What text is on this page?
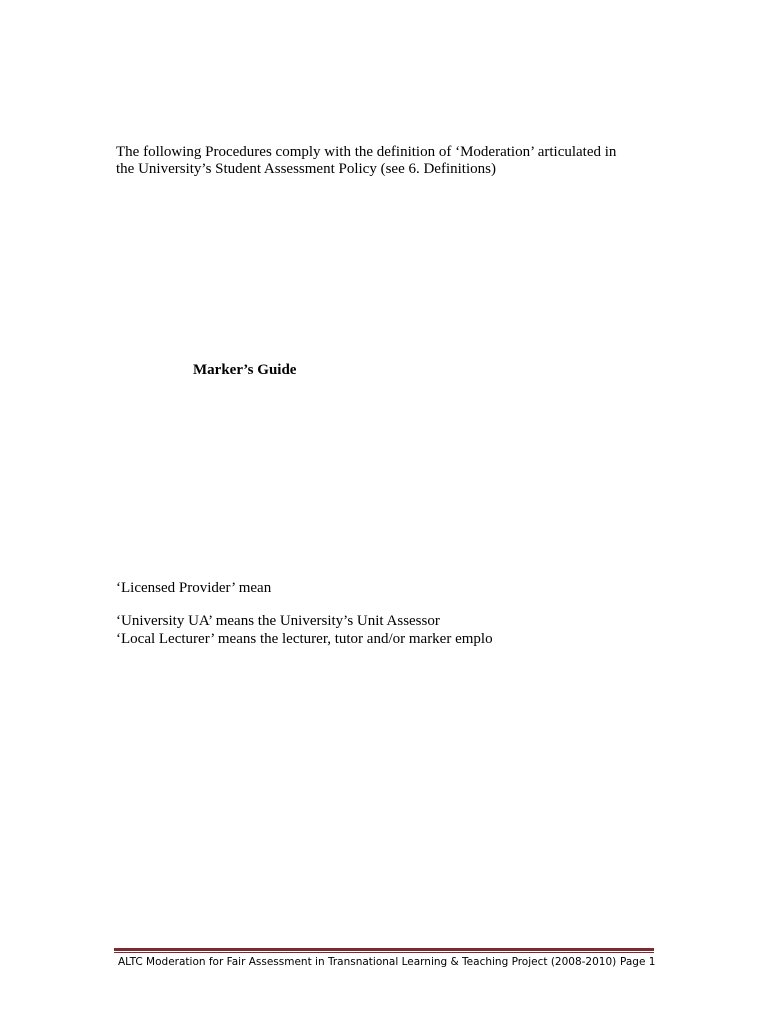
The following Procedures comply with the definition of ‘Moderation’ articulated in
the University’s Student Assessment Policy (see 6. Definitions)
Marker’s Guide
‘Licensed Provider’ mean
‘University UA’ means the University’s Unit Assessor
‘Local Lecturer’ means the lecturer, tutor and/or marker emplo
ALTC Moderation for Fair Assessment in Transnational Learning & Teaching Project (2008-2010) Page 1
